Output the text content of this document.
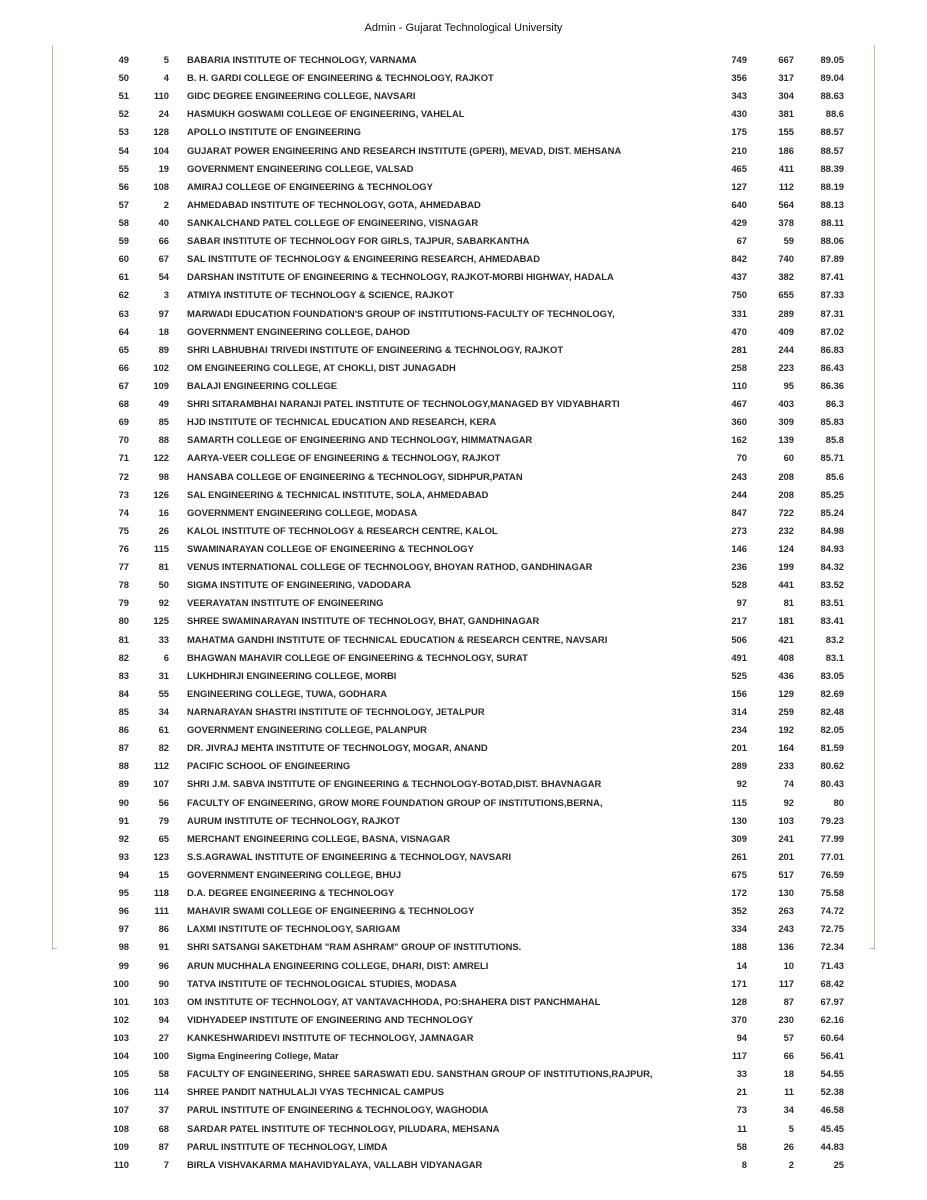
Admin - Gujarat Technological University
49	5	BABARIA INSTITUTE OF TECHNOLOGY, VARNAMA	749	667	89.05
50	4	B. H. GARDI COLLEGE OF ENGINEERING & TECHNOLOGY, RAJKOT	356	317	89.04
51	110	GIDC DEGREE ENGINEERING COLLEGE, NAVSARI	343	304	88.63
52	24	HASMUKH GOSWAMI COLLEGE OF ENGINEERING, VAHELAL	430	381	88.6
53	128	APOLLO INSTITUTE OF ENGINEERING	175	155	88.57
54	104	GUJARAT POWER ENGINEERING AND RESEARCH INSTITUTE (GPERI), MEVAD, DIST. MEHSANA	210	186	88.57
55	19	GOVERNMENT ENGINEERING COLLEGE, VALSAD	465	411	88.39
56	108	AMIRAJ COLLEGE OF ENGINEERING & TECHNOLOGY	127	112	88.19
57	2	AHMEDABAD INSTITUTE OF TECHNOLOGY, GOTA, AHMEDABAD	640	564	88.13
58	40	SANKALCHAND PATEL COLLEGE OF ENGINEERING, VISNAGAR	429	378	88.11
59	66	SABAR INSTITUTE OF TECHNOLOGY FOR GIRLS, TAJPUR, SABARKANTHA	67	59	88.06
60	67	SAL INSTITUTE OF TECHNOLOGY & ENGINEERING RESEARCH, AHMEDABAD	842	740	87.89
61	54	DARSHAN INSTITUTE OF ENGINEERING & TECHNOLOGY, RAJKOT-MORBI HIGHWAY, HADALA	437	382	87.41
62	3	ATMIYA INSTITUTE OF TECHNOLOGY & SCIENCE, RAJKOT	750	655	87.33
63	97	MARWADI EDUCATION FOUNDATION'S GROUP OF INSTITUTIONS-FACULTY OF TECHNOLOGY,	331	289	87.31
64	18	GOVERNMENT ENGINEERING COLLEGE, DAHOD	470	409	87.02
65	89	SHRI LABHUBHAI TRIVEDI INSTITUTE OF ENGINEERING & TECHNOLOGY, RAJKOT	281	244	86.83
66	102	OM ENGINEERING COLLEGE, AT CHOKLI, DIST JUNAGADH	258	223	86.43
67	109	BALAJI ENGINEERING COLLEGE	110	95	86.36
68	49	SHRI SITARAMBHAI NARANJI PATEL INSTITUTE OF TECHNOLOGY,MANAGED BY VIDYABHARTI	467	403	86.3
69	85	HJD INSTITUTE OF TECHNICAL EDUCATION AND RESEARCH, KERA	360	309	85.83
70	88	SAMARTH COLLEGE OF ENGINEERING AND TECHNOLOGY, HIMMATNAGAR	162	139	85.8
71	122	AARYA-VEER COLLEGE OF ENGINEERING & TECHNOLOGY, RAJKOT	70	60	85.71
72	98	HANSABA COLLEGE OF ENGINEERING & TECHNOLOGY, SIDHPUR,PATAN	243	208	85.6
73	126	SAL ENGINEERING & TECHNICAL INSTITUTE, SOLA, AHMEDABAD	244	208	85.25
74	16	GOVERNMENT ENGINEERING COLLEGE, MODASA	847	722	85.24
75	26	KALOL INSTITUTE OF TECHNOLOGY & RESEARCH CENTRE, KALOL	273	232	84.98
76	115	SWAMINARAYAN COLLEGE OF ENGINEERING & TECHNOLOGY	146	124	84.93
77	81	VENUS INTERNATIONAL COLLEGE OF TECHNOLOGY, BHOYAN RATHOD, GANDHINAGAR	236	199	84.32
78	50	SIGMA INSTITUTE OF ENGINEERING, VADODARA	528	441	83.52
79	92	VEERAYATAN INSTITUTE OF ENGINEERING	97	81	83.51
80	125	SHREE SWAMINARAYAN INSTITUTE OF TECHNOLOGY, BHAT, GANDHINAGAR	217	181	83.41
81	33	MAHATMA GANDHI INSTITUTE OF TECHNICAL EDUCATION & RESEARCH CENTRE, NAVSARI	506	421	83.2
82	6	BHAGWAN MAHAVIR COLLEGE OF ENGINEERING & TECHNOLOGY, SURAT	491	408	83.1
83	31	LUKHDHIRJI ENGINEERING COLLEGE, MORBI	525	436	83.05
84	55	ENGINEERING COLLEGE, TUWA, GODHARA	156	129	82.69
85	34	NARNARAYAN SHASTRI INSTITUTE OF TECHNOLOGY, JETALPUR	314	259	82.48
86	61	GOVERNMENT ENGINEERING COLLEGE, PALANPUR	234	192	82.05
87	82	DR. JIVRAJ MEHTA INSTITUTE OF TECHNOLOGY, MOGAR, ANAND	201	164	81.59
88	112	PACIFIC SCHOOL OF ENGINEERING	289	233	80.62
89	107	SHRI J.M. SABVA INSTITUTE OF ENGINEERING & TECHNOLOGY-BOTAD,DIST. BHAVNAGAR	92	74	80.43
90	56	FACULTY OF ENGINEERING, GROW MORE FOUNDATION GROUP OF INSTITUTIONS,BERNA,	115	92	80
91	79	AURUM INSTITUTE OF TECHNOLOGY, RAJKOT	130	103	79.23
92	65	MERCHANT ENGINEERING COLLEGE, BASNA, VISNAGAR	309	241	77.99
93	123	S.S.AGRAWAL INSTITUTE OF ENGINEERING & TECHNOLOGY, NAVSARI	261	201	77.01
94	15	GOVERNMENT ENGINEERING COLLEGE, BHUJ	675	517	76.59
95	118	D.A. DEGREE ENGINEERING & TECHNOLOGY	172	130	75.58
96	111	MAHAVIR SWAMI COLLEGE OF ENGINEERING & TECHNOLOGY	352	263	74.72
97	86	LAXMI INSTITUTE OF TECHNOLOGY, SARIGAM	334	243	72.75
98	91	SHRI SATSANGI SAKETDHAM "RAM ASHRAM" GROUP OF INSTITUTIONS.	188	136	72.34
99	96	ARUN MUCHHALA ENGINEERING COLLEGE, DHARI, DIST: AMRELI	14	10	71.43
100	90	TATVA INSTITUTE OF TECHNOLOGICAL STUDIES, MODASA	171	117	68.42
101	103	OM INSTITUTE OF TECHNOLOGY, AT VANTAVACHHODA, PO:SHAHERA DIST PANCHMAHAL	128	87	67.97
102	94	VIDHYADEEP INSTITUTE OF ENGINEERING AND TECHNOLOGY	370	230	62.16
103	27	KANKESHWARIDEVI INSTITUTE OF TECHNOLOGY, JAMNAGAR	94	57	60.64
104	100	Sigma Engineering College, Matar	117	66	56.41
105	58	FACULTY OF ENGINEERING, SHREE SARASWATI EDU. SANSTHAN GROUP OF INSTITUTIONS,RAJPUR,	33	18	54.55
106	114	SHREE PANDIT NATHULALJI VYAS TECHNICAL CAMPUS	21	11	52.38
107	37	PARUL INSTITUTE OF ENGINEERING & TECHNOLOGY, WAGHODIA	73	34	46.58
108	68	SARDAR PATEL INSTITUTE OF TECHNOLOGY, PILUDARA, MEHSANA	11	5	45.45
109	87	PARUL INSTITUTE OF TECHNOLOGY, LIMDA	58	26	44.83
110	7	BIRLA VISHVAKARMA MAHAVIDYALAYA, VALLABH VIDYANAGAR	8	2	25
